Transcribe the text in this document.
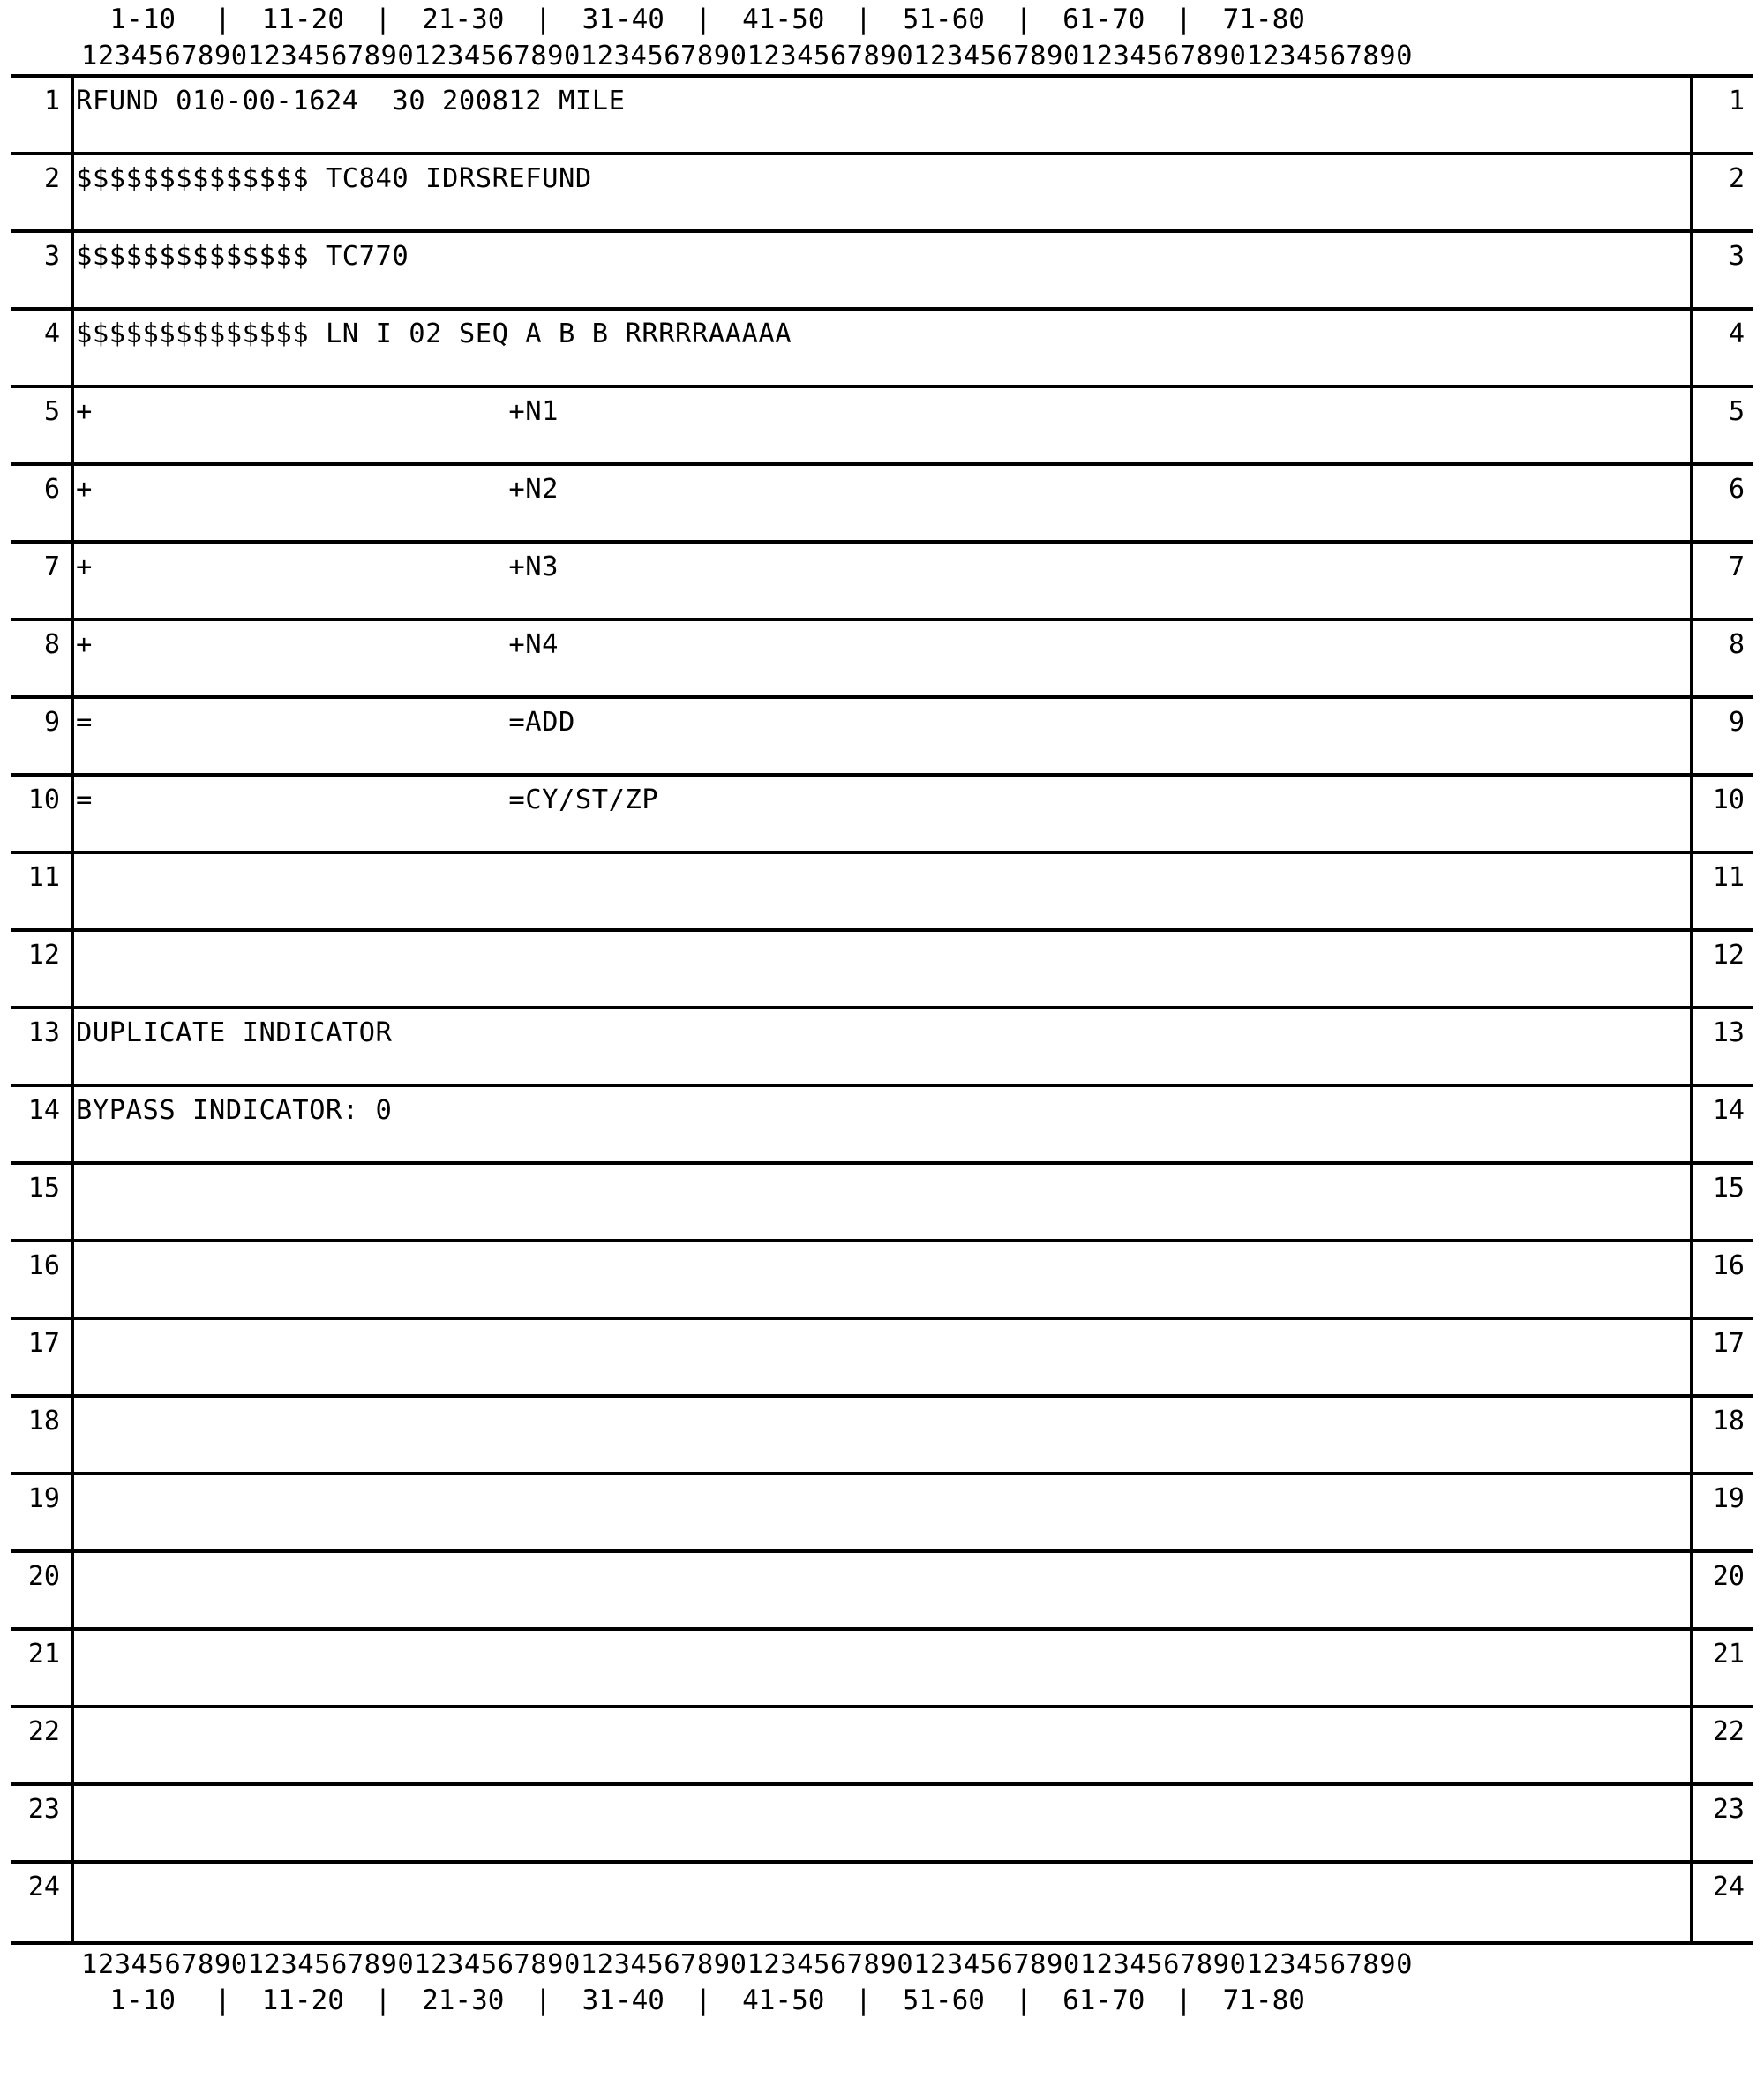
1-10	|	11-20	|	21-30	|	31-40	|	41-50	|	51-60	|	61-70	|	71-80
12345678901234567890123456789012345678901234567890123456789012345678901234567890
1 RFUND 010-00-1624  30 200812 MILE	1
2 $$$$$$$$$$$$$$ TC840 IDRSREFUND	2
3 $$$$$$$$$$$$$$ TC770	3
4 $$$$$$$$$$$$$$ LN I 02 SEQ A B B RRRRRAAAAA	4
5 +                         +N1	5
6 +                         +N2	6
7 +                         +N3	7
8 +                         +N4	8
9 =                         =ADD	9
10 =                         =CY/ST/ZP	10
11	11
12	12
13 DUPLICATE INDICATOR	13
14 BYPASS INDICATOR: 0	14
15	15
16	16
17	17
18	18
19	19
20	20
21	21
22	22
23	23
24	24
12345678901234567890123456789012345678901234567890123456789012345678901234567890
1-10	|	11-20	|	21-30	|	31-40	|	41-50	|	51-60	|	61-70	|	71-80
